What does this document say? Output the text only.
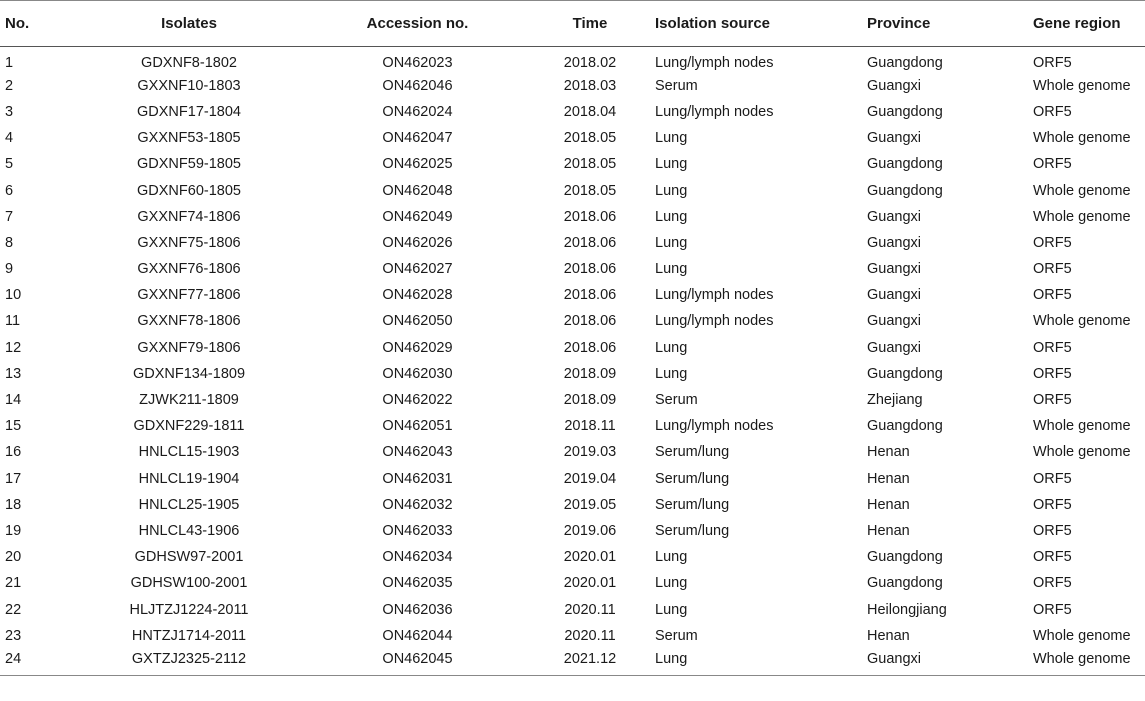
No.	Isolates	Accession no.	Time	Isolation source	Province	Gene region
1	GDXNF8-1802	ON462023	2018.02	Lung/lymph nodes	Guangdong	ORF5
2	GXXNF10-1803	ON462046	2018.03	Serum	Guangxi	Whole genome
3	GDXNF17-1804	ON462024	2018.04	Lung/lymph nodes	Guangdong	ORF5
4	GXXNF53-1805	ON462047	2018.05	Lung	Guangxi	Whole genome
5	GDXNF59-1805	ON462025	2018.05	Lung	Guangdong	ORF5
6	GDXNF60-1805	ON462048	2018.05	Lung	Guangdong	Whole genome
7	GXXNF74-1806	ON462049	2018.06	Lung	Guangxi	Whole genome
8	GXXNF75-1806	ON462026	2018.06	Lung	Guangxi	ORF5
9	GXXNF76-1806	ON462027	2018.06	Lung	Guangxi	ORF5
10	GXXNF77-1806	ON462028	2018.06	Lung/lymph nodes	Guangxi	ORF5
11	GXXNF78-1806	ON462050	2018.06	Lung/lymph nodes	Guangxi	Whole genome
12	GXXNF79-1806	ON462029	2018.06	Lung	Guangxi	ORF5
13	GDXNF134-1809	ON462030	2018.09	Lung	Guangdong	ORF5
14	ZJWK211-1809	ON462022	2018.09	Serum	Zhejiang	ORF5
15	GDXNF229-1811	ON462051	2018.11	Lung/lymph nodes	Guangdong	Whole genome
16	HNLCL15-1903	ON462043	2019.03	Serum/lung	Henan	Whole genome
17	HNLCL19-1904	ON462031	2019.04	Serum/lung	Henan	ORF5
18	HNLCL25-1905	ON462032	2019.05	Serum/lung	Henan	ORF5
19	HNLCL43-1906	ON462033	2019.06	Serum/lung	Henan	ORF5
20	GDHSW97-2001	ON462034	2020.01	Lung	Guangdong	ORF5
21	GDHSW100-2001	ON462035	2020.01	Lung	Guangdong	ORF5
22	HLJTZJ1224-2011	ON462036	2020.11	Lung	Heilongjiang	ORF5
23	HNTZJ1714-2011	ON462044	2020.11	Serum	Henan	Whole genome
24	GXTZJ2325-2112	ON462045	2021.12	Lung	Guangxi	Whole genome
